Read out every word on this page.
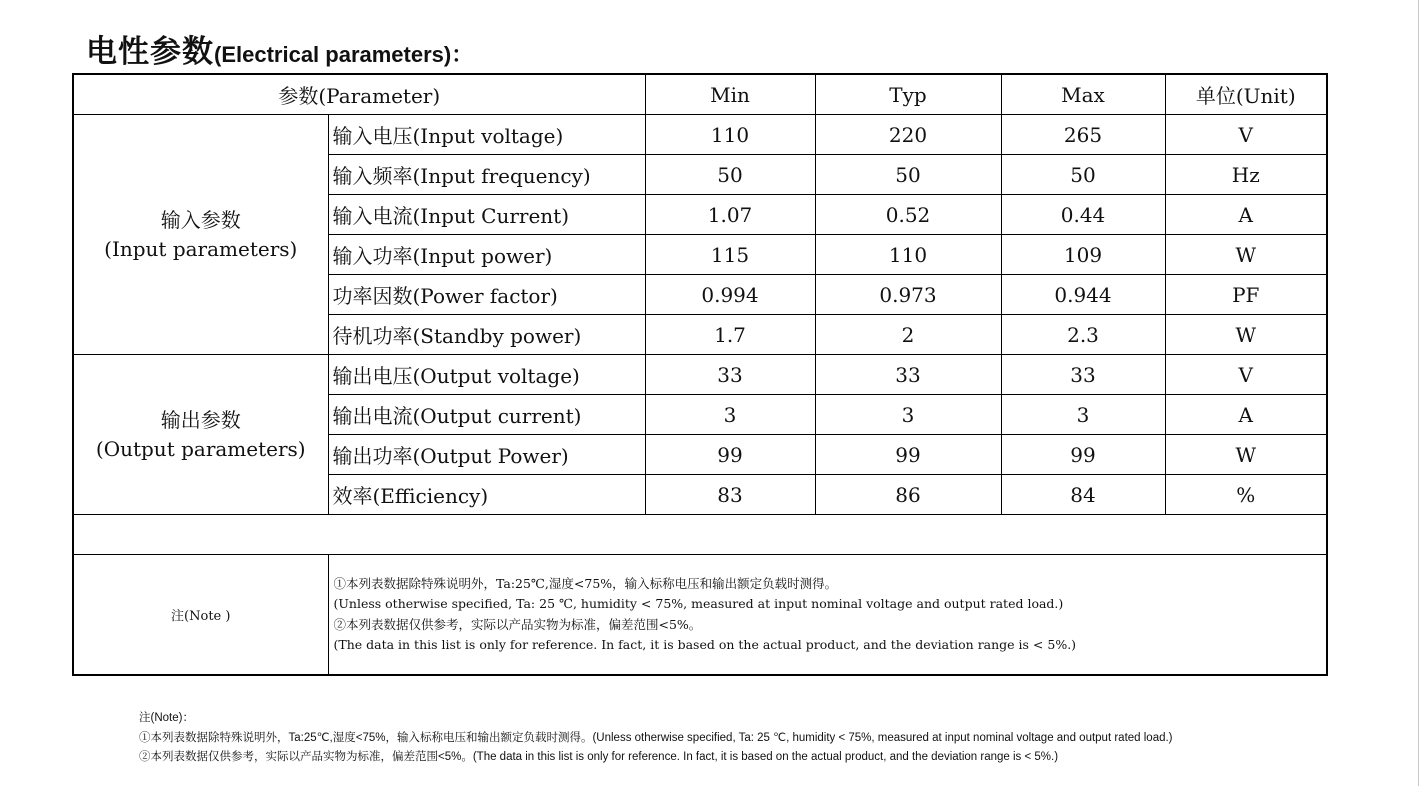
电性参数(Electrical parameters)：
参数(Parameter)		Min	Typ	Max	单位(Unit)

输入参数
(Input parameters)	输入电压(Input voltage)	110	220	265	V
	输入频率(Input frequency)	50	50	50	Hz
	输入电流(Input Current)	1.07	0.52	0.44	A
	输入功率(Input power)	115	110	109	W
	功率因数(Power factor)	0.994	0.973	0.944	PF
	待机功率(Standby power)	1.7	2	2.3	W

输出参数
(Output parameters)	输出电压(Output voltage)	33	33	33	V
	输出电流(Output current)	3	3	3	A
	输出功率(Output Power)	99	99	99	W
	效率(Efficiency)	83	86	84	%

注(Note )	①本列表数据除特殊说明外，Ta:25℃,湿度<75%，输入标称电压和输出额定负载时测得。
(Unless otherwise specified, Ta: 25 ℃, humidity < 75%, measured at input nominal voltage and output rated load.)
②本列表数据仅供参考，实际以产品实物为标准，偏差范围<5%。
(The data in this list is only for reference. In fact, it is based on the actual product, and the deviation range is < 5%.)				
注(Note)：
①本列表数据除特殊说明外，Ta:25℃,湿度<75%，输入标称电压和输出额定负载时测得。(Unless otherwise specified, Ta: 25 ℃, humidity < 75%, measured at input nominal voltage and output rated load.)
②本列表数据仅供参考，实际以产品实物为标准，偏差范围<5%。(The data in this list is only for reference. In fact, it is based on the actual product, and the deviation range is < 5%.)
